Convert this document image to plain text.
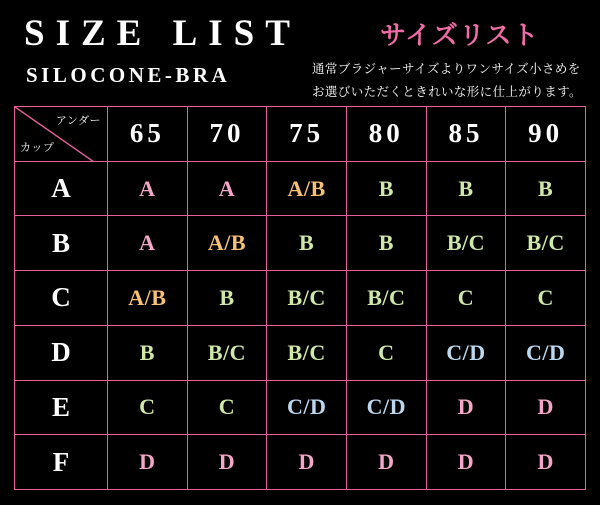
SIZE LIST	サイズリスト
SILOCONE-BRA	通常ブラジャーサイズよりワンサイズ小さめを
お選びいただくときれいな形に仕上がります。
アンダー
カップ	65	70	75	80	85	90
A	A	A	A/B	B	B	B
B	A	A/B	B	B	B/C	B/C
C	A/B	B	B/C	B/C	C	C
D	B	B/C	B/C	C	C/D	C/D
E	C	C	C/D	C/D	D	D
F	D	D	D	D	D	D
